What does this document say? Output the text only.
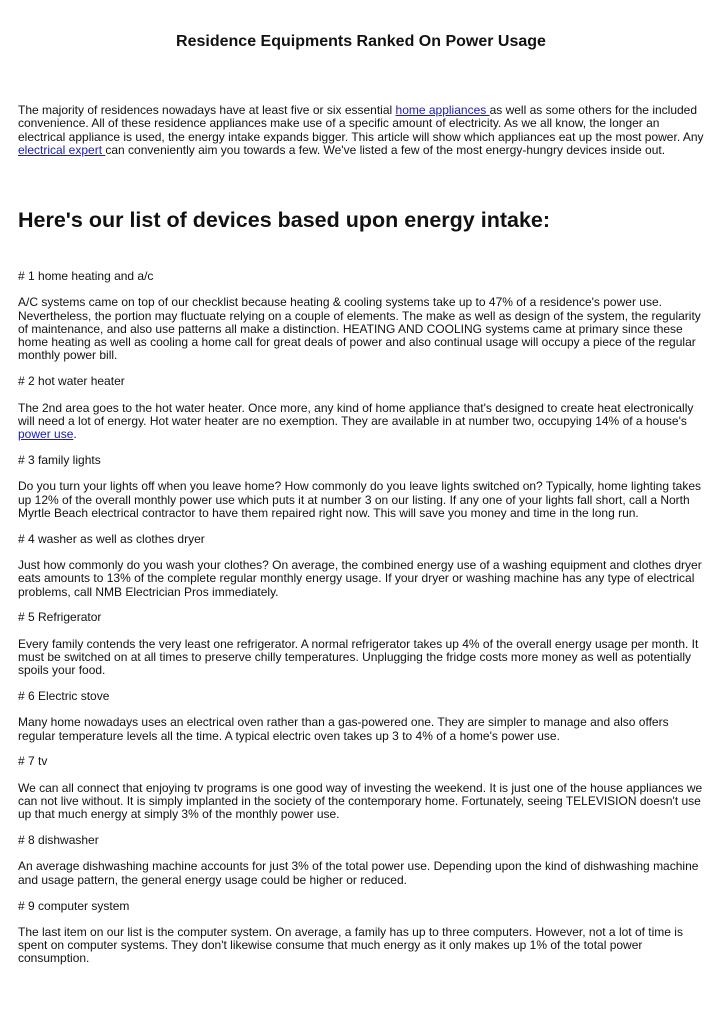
Residence Equipments Ranked On Power Usage
The majority of residences nowadays have at least five or six essential home appliances as well as some others for the included convenience. All of these residence appliances make use of a specific amount of electricity. As we all know, the longer an electrical appliance is used, the energy intake expands bigger. This article will show which appliances eat up the most power. Any electrical expert can conveniently aim you towards a few. We've listed a few of the most energy-hungry devices inside out.
Here's our list of devices based upon energy intake:

# 1 home heating and a/c

A/C systems came on top of our checklist because heating & cooling systems take up to 47% of a residence's power use. Nevertheless, the portion may fluctuate relying on a couple of elements. The make as well as design of the system, the regularity of maintenance, and also use patterns all make a distinction. HEATING AND COOLING systems came at primary since these home heating as well as cooling a home call for great deals of power and also continual usage will occupy a piece of the regular monthly power bill.

# 2 hot water heater

The 2nd area goes to the hot water heater. Once more, any kind of home appliance that's designed to create heat electronically will need a lot of energy. Hot water heater are no exemption. They are available in at number two, occupying 14% of a house's power use.

# 3 family lights

Do you turn your lights off when you leave home? How commonly do you leave lights switched on? Typically, home lighting takes up 12% of the overall monthly power use which puts it at number 3 on our listing. If any one of your lights fall short, call a North Myrtle Beach electrical contractor to have them repaired right now. This will save you money and time in the long run.

# 4 washer as well as clothes dryer

Just how commonly do you wash your clothes? On average, the combined energy use of a washing equipment and clothes dryer eats amounts to 13% of the complete regular monthly energy usage. If your dryer or washing machine has any type of electrical problems, call NMB Electrician Pros immediately.

# 5 Refrigerator

Every family contends the very least one refrigerator. A normal refrigerator takes up 4% of the overall energy usage per month. It must be switched on at all times to preserve chilly temperatures. Unplugging the fridge costs more money as well as potentially spoils your food.

# 6 Electric stove

Many home nowadays uses an electrical oven rather than a gas-powered one. They are simpler to manage and also offers regular temperature levels all the time. A typical electric oven takes up 3 to 4% of a home's power use.

# 7 tv

We can all connect that enjoying tv programs is one good way of investing the weekend. It is just one of the house appliances we can not live without. It is simply implanted in the society of the contemporary home. Fortunately, seeing TELEVISION doesn't use up that much energy at simply 3% of the monthly power use.

# 8 dishwasher

An average dishwashing machine accounts for just 3% of the total power use. Depending upon the kind of dishwashing machine and usage pattern, the general energy usage could be higher or reduced.

# 9 computer system

The last item on our list is the computer system. On average, a family has up to three computers. However, not a lot of time is spent on computer systems. They don't likewise consume that much energy as it only makes up 1% of the total power consumption.
